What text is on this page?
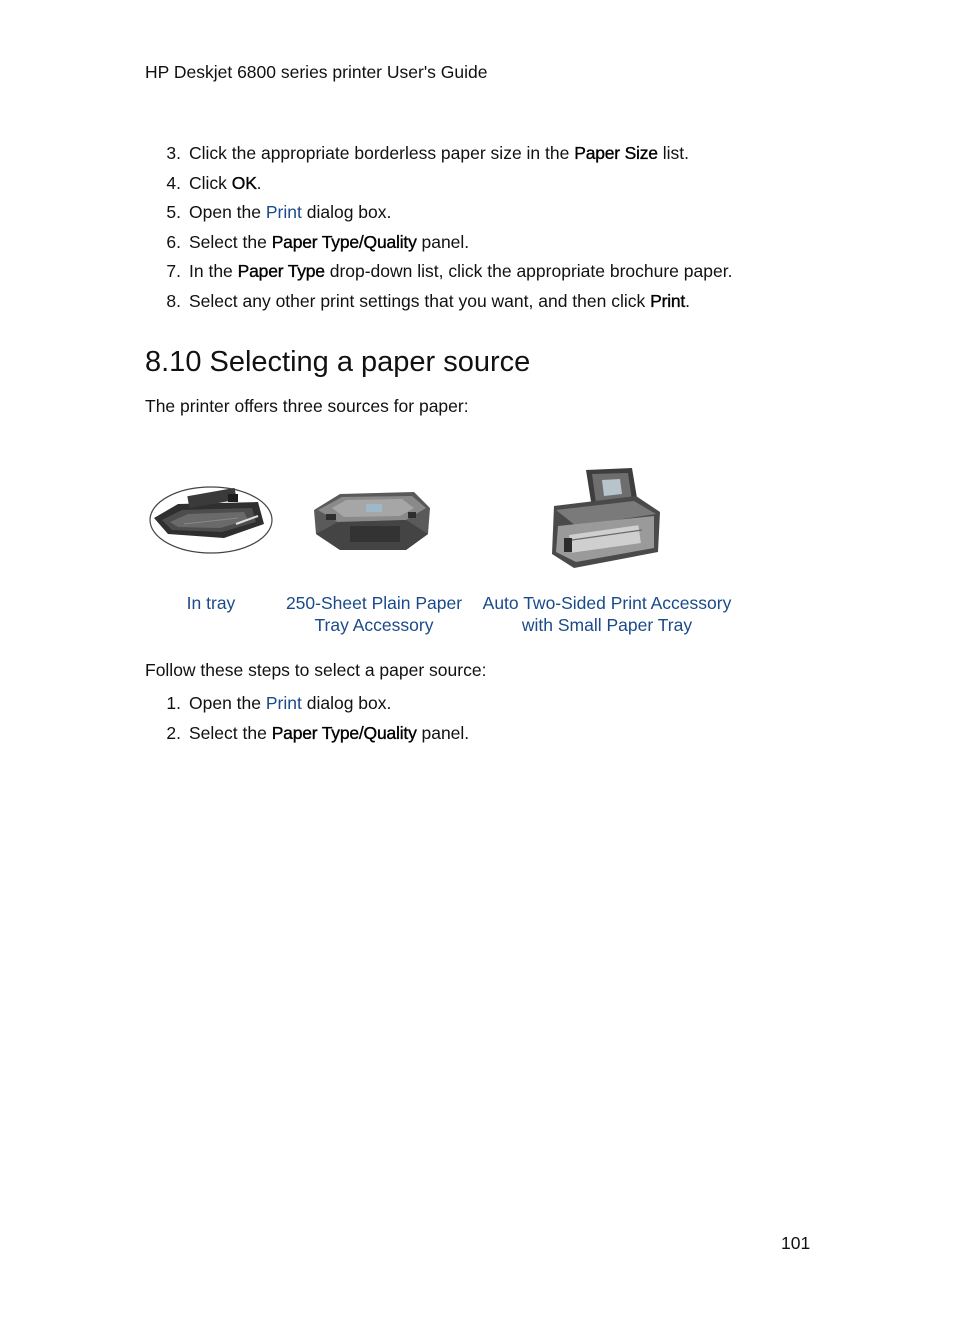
HP Deskjet 6800 series printer User's Guide
3. Click the appropriate borderless paper size in the Paper Size list.
4. Click OK.
5. Open the Print dialog box.
6. Select the Paper Type/Quality panel.
7. In the Paper Type drop-down list, click the appropriate brochure paper.
8. Select any other print settings that you want, and then click Print.
8.10 Selecting a paper source
The printer offers three sources for paper:
In tray	250-Sheet Plain Paper
Tray Accessory
Auto Two-Sided Print Accessory
with Small Paper Tray
Follow these steps to select a paper source:
1. Open the Print dialog box.
2. Select the Paper Type/Quality panel.
101
